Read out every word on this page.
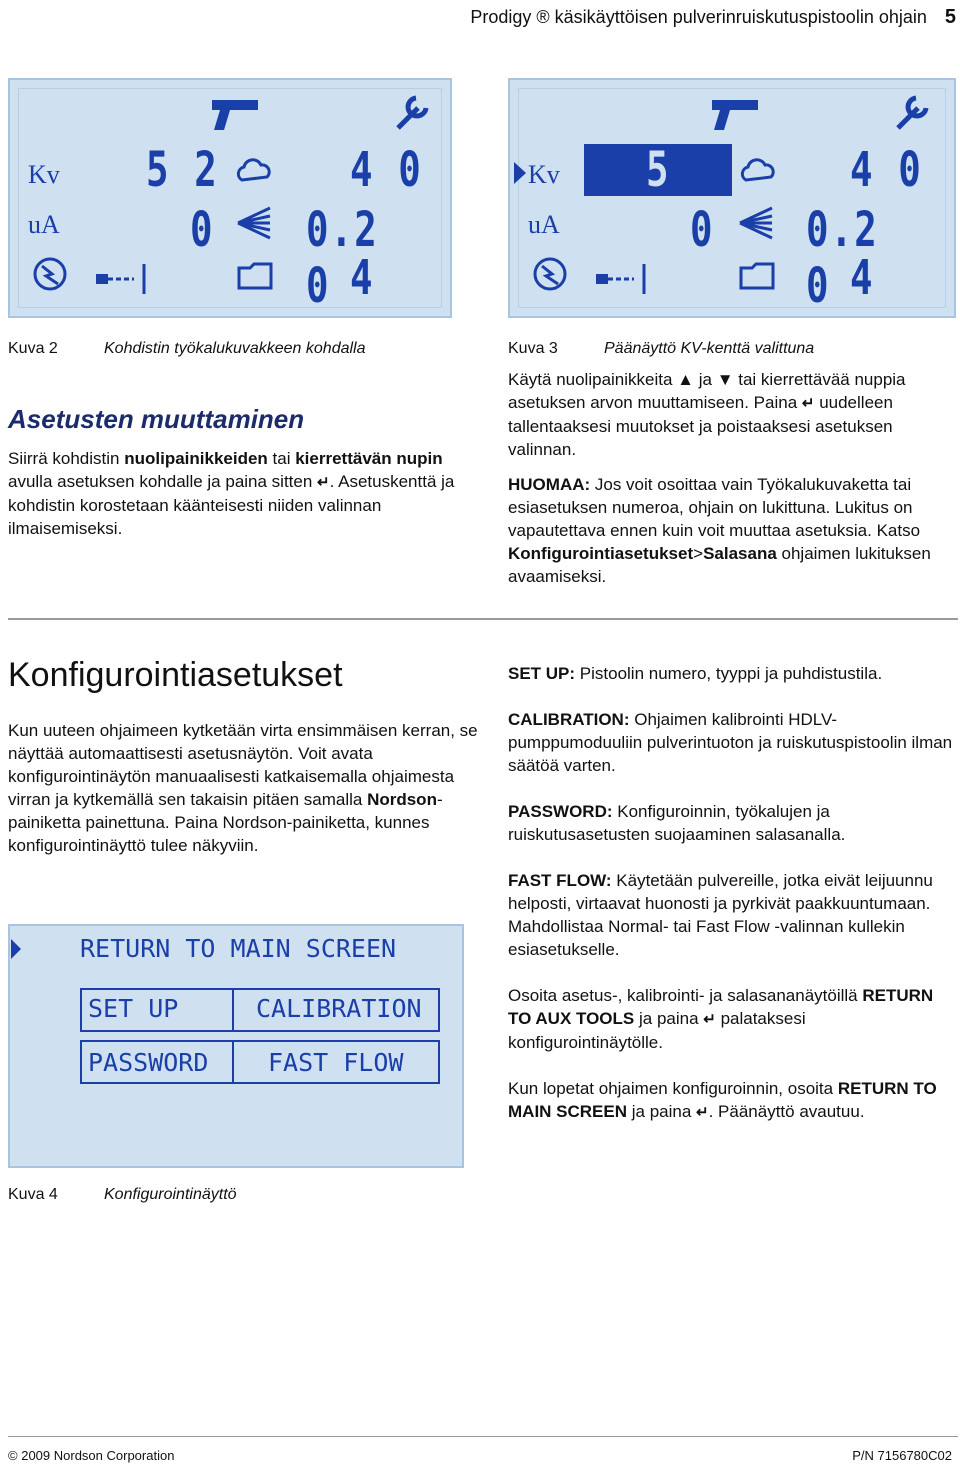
Prodigy ® käsikäyttöisen pulverinruiskutuspistoolin ohjain 5
Kv
uA
5 2
0
4 0
0.2 0 4
Kv
uA
5 2 0
4 0
0.2 0 4
Kuva 2	Kohdistin työkalukuvakkeen kohdalla	Kuva 3	Päänäyttö KV-kenttä valittuna
Asetusten muuttaminen
Siirrä kohdistin nuolipainikkeiden tai kierrettävän nupin avulla asetuksen kohdalle ja paina sitten ↵. Asetuskenttä ja kohdistin korostetaan käänteisesti niiden valinnan ilmaisemiseksi.
Käytä nuolipainikkeita ▲ ja ▼ tai kierrettävää nuppia asetuksen arvon muuttamiseen. Paina ↵ uudelleen tallentaaksesi muutokset ja poistaaksesi asetuksen valinnan.
HUOMAA: Jos voit osoittaa vain Työkalukuvaketta tai esiasetuksen numeroa, ohjain on lukittuna. Lukitus on vapautettava ennen kuin voit muuttaa asetuksia. Katso Konfigurointiasetukset>Salasana ohjaimen lukituksen avaamiseksi.
Konfigurointiasetukset
Kun uuteen ohjaimeen kytketään virta ensimmäisen kerran, se näyttää automaattisesti asetusnäytön. Voit avata konfigurointinäytön manuaalisesti katkaisemalla ohjaimesta virran ja kytkemällä sen takaisin pitäen samalla Nordson-painiketta painettuna. Paina Nordson-painiketta, kunnes konfigurointinäyttö tulee näkyviin.
RETURN TO MAIN SCREEN
SET UP	CALIBRATION
PASSWORD FAST FLOW
Kuva 4	Konfigurointinäyttö
SET UP: Pistoolin numero, tyyppi ja puhdistustila.
CALIBRATION: Ohjaimen kalibrointi HDLV-pumppumoduuliin pulverintuoton ja ruiskutuspistoolin ilman säätöä varten.
PASSWORD: Konfiguroinnin, työkalujen ja ruiskutusasetusten suojaaminen salasanalla.
FAST FLOW: Käytetään pulvereille, jotka eivät leijuunnu helposti, virtaavat huonosti ja pyrkivät paakkuuntumaan. Mahdollistaa Normal- tai Fast Flow -valinnan kullekin esiasetukselle.
Osoita asetus-, kalibrointi- ja salasananäytöillä RETURN TO AUX TOOLS ja paina ↵ palataksesi konfigurointinäytölle.
Kun lopetat ohjaimen konfiguroinnin, osoita RETURN TO MAIN SCREEN ja paina ↵. Päänäyttö avautuu.
© 2009 Nordson Corporation	P/N 7156780C02
